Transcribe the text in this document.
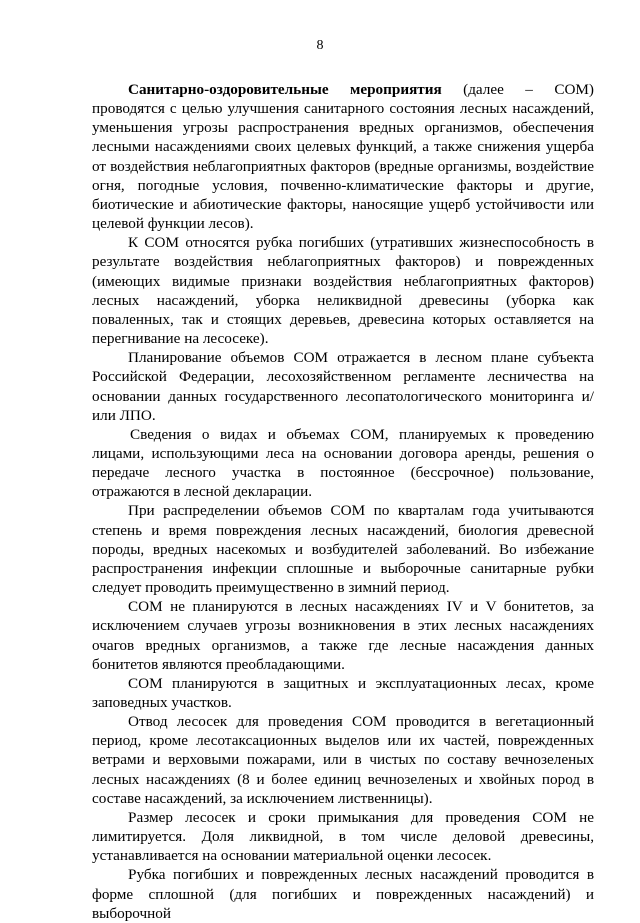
8

Санитарно-оздоровительные мероприятия (далее – СОМ) проводятся с целью улучшения санитарного состояния лесных насаждений, уменьшения угрозы распространения вредных организмов, обеспечения лесными насаждениями своих целевых функций, а также снижения ущерба от воздействия неблагоприятных факторов (вредные организмы, воздействие огня, погодные условия, почвенно-климатические факторы и другие, биотические и абиотические факторы, наносящие ущерб устойчивости или целевой функции лесов).

К СОМ относятся рубка погибших (утративших жизнеспособность в результате воздействия неблагоприятных факторов) и поврежденных (имеющих видимые признаки воздействия неблагоприятных факторов) лесных насаждений, уборка неликвидной древесины (уборка как поваленных, так и стоящих деревьев, древесина которых оставляется на перегнивание на лесосеке).

Планирование объемов СОМ отражается в лесном плане субъекта Российской Федерации, лесохозяйственном регламенте лесничества на основании данных государственного лесопатологического мониторинга и/или ЛПО.

Сведения о видах и объемах СОМ, планируемых к проведению лицами, использующими леса на основании договора аренды, решения о передаче лесного участка в постоянное (бессрочное) пользование, отражаются в лесной декларации.

При распределении объемов СОМ по кварталам года учитываются степень и время повреждения лесных насаждений, биология древесной породы, вредных насекомых и возбудителей заболеваний. Во избежание распространения инфекции сплошные и выборочные санитарные рубки следует проводить преимущественно в зимний период.

СОМ не планируются в лесных насаждениях IV и V бонитетов, за исключением случаев угрозы возникновения в этих лесных насаждениях очагов вредных организмов, а также где лесные насаждения данных бонитетов являются преобладающими.

СОМ планируются в защитных и эксплуатационных лесах, кроме заповедных участков.

Отвод лесосек для проведения СОМ проводится в вегетационный период, кроме лесотаксационных выделов или их частей, поврежденных ветрами и верховыми пожарами, или в чистых по составу вечнозеленых лесных насаждениях (8 и более единиц вечнозеленых и хвойных пород в составе насаждений, за исключением лиственницы).

Размер лесосек и сроки примыкания для проведения СОМ не лимитируется. Доля ликвидной, в том числе деловой древесины, устанавливается на основании материальной оценки лесосек.

Рубка погибших и поврежденных лесных насаждений проводится в форме сплошной (для погибших и поврежденных насаждений) и выборочной
